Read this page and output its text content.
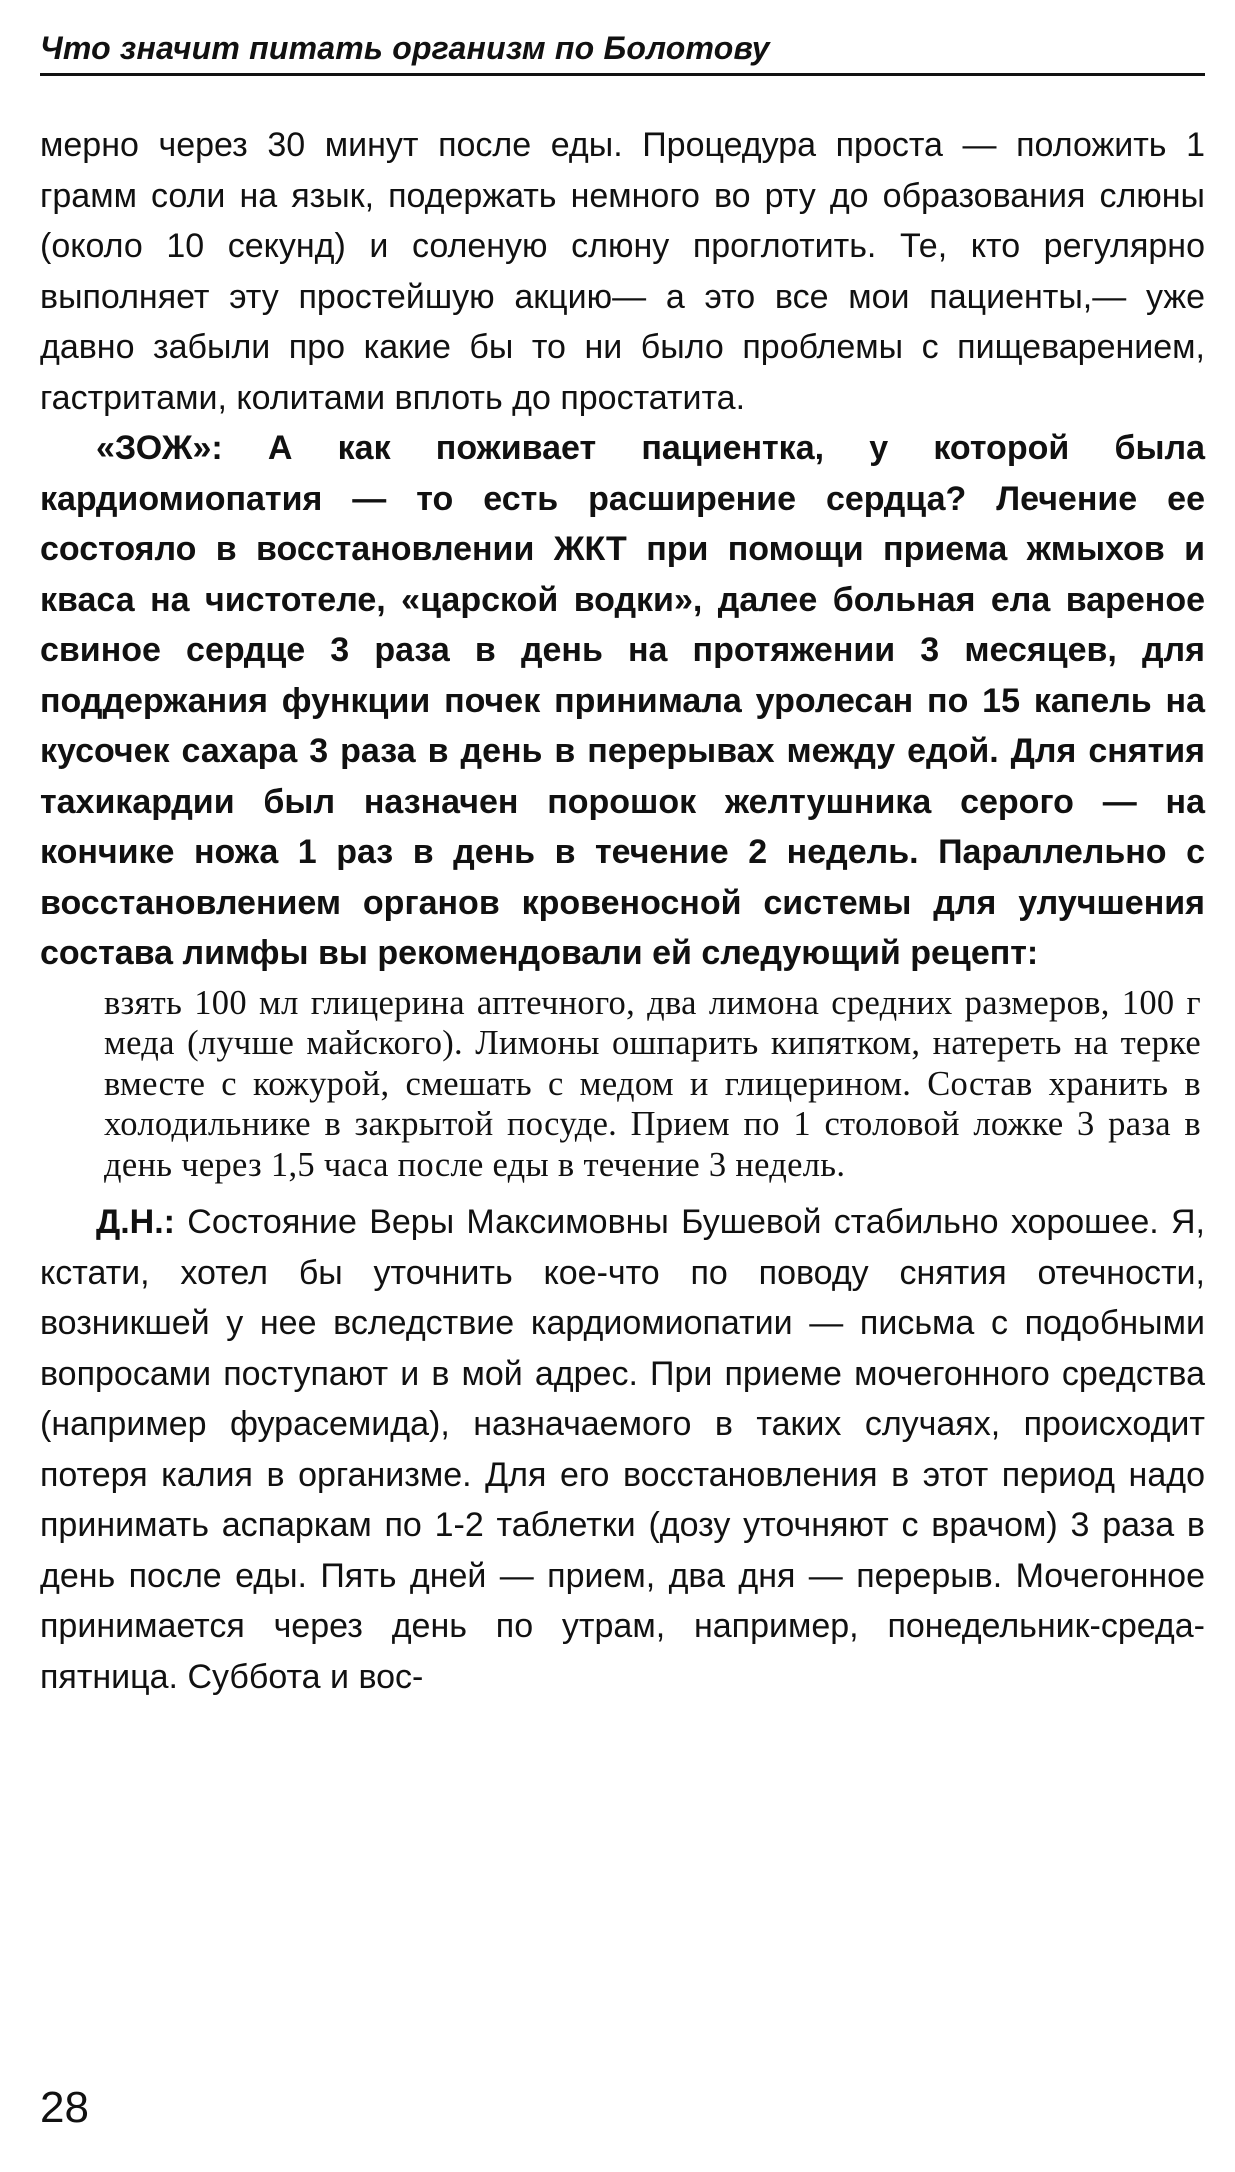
Что значит питать организм по Болотову

мерно через 30 минут после еды. Процедура проста — положить 1 грамм соли на язык, подержать немного во рту до образования слюны (около 10 секунд) и соленую слюну проглотить. Те, кто регулярно выполняет эту простейшую акцию— а это все мои пациенты,— уже давно забыли про какие бы то ни было проблемы с пищеварением, гастритами, колитами вплоть до простатита.

«ЗОЖ»: А как поживает пациентка, у которой была кардиомиопатия — то есть расширение сердца? Лечение ее состояло в восстановлении ЖКТ при помощи приема жмыхов и кваса на чистотеле, «царской водки», далее больная ела вареное свиное сердце 3 раза в день на протяжении 3 месяцев, для поддержания функции почек принимала уролесан по 15 капель на кусочек сахара 3 раза в день в перерывах между едой. Для снятия тахикардии был назначен порошок желтушника серого — на кончике ножа 1 раз в день в течение 2 недель. Параллельно с восстановлением органов кровеносной системы для улучшения состава лимфы вы рекомендовали ей следующий рецепт:

взять 100 мл глицерина аптечного, два лимона средних размеров, 100 г меда (лучше майского). Лимоны ошпарить кипятком, натереть на терке вместе с кожурой, смешать с медом и глицерином. Состав хранить в холодильнике в закрытой посуде. Прием по 1 столовой ложке 3 раза в день через 1,5 часа после еды в течение 3 недель.

Д.Н.: Состояние Веры Максимовны Бушевой стабильно хорошее. Я, кстати, хотел бы уточнить кое-что по поводу снятия отечности, возникшей у нее вследствие кардиомиопатии — письма с подобными вопросами поступают и в мой адрес. При приеме мочегонного средства (например фурасемида), назначаемого в таких случаях, происходит потеря калия в организме. Для его восстановления в этот период надо принимать аспаркам по 1-2 таблетки (дозу уточняют с врачом) 3 раза в день после еды. Пять дней — прием, два дня — перерыв. Мочегонное принимается через день по утрам, например, понедельник-среда-пятница. Суббота и вос-

28
